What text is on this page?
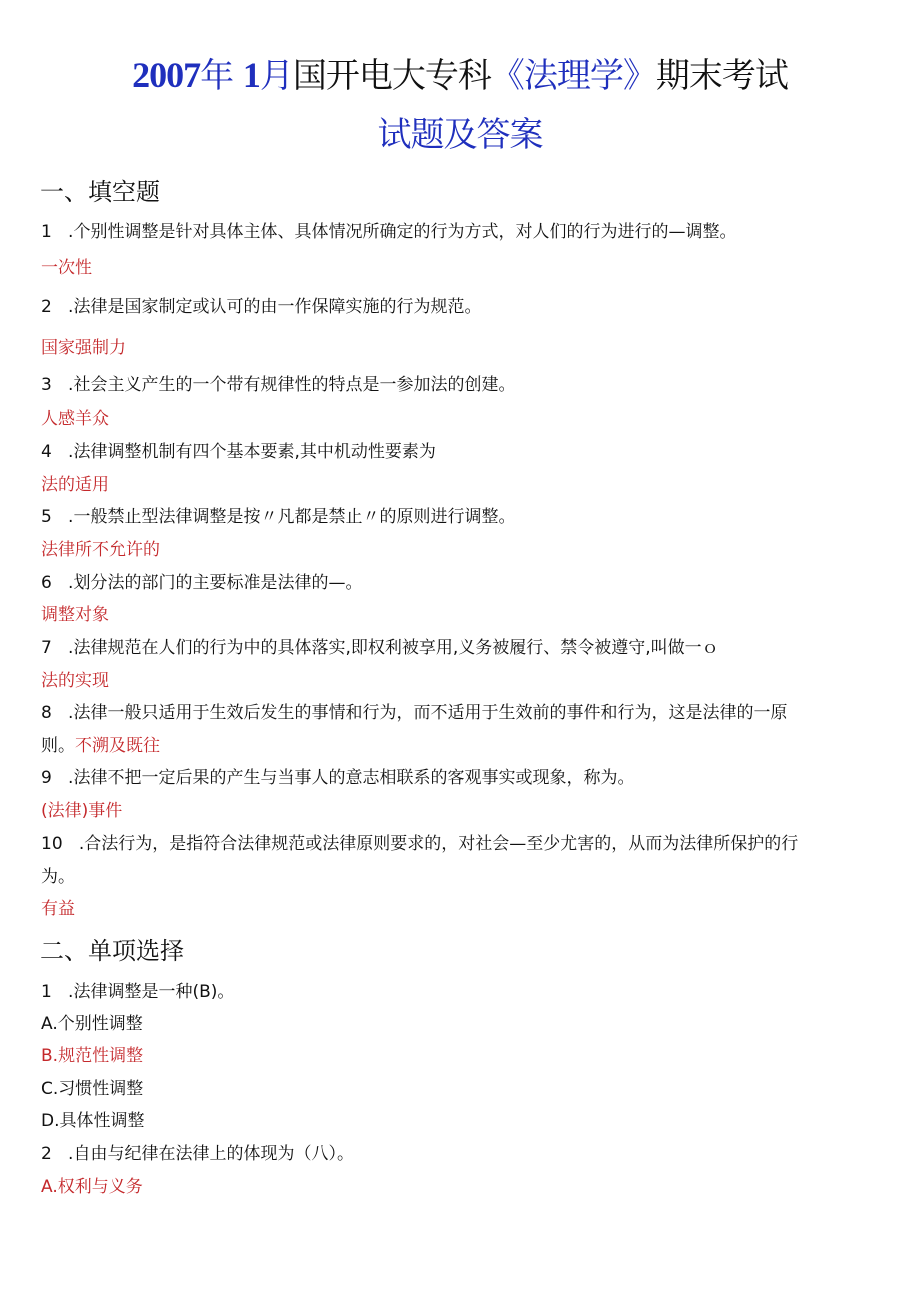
2007年 1月国开电大专科《法理学》期末考试
试题及答案
一、填空题
1 .个别性调整是针对具体主体、具体情况所确定的行为方式，对人们的行为进行的—调整。
一次性
2 .法律是国家制定或认可的由一作保障实施的行为规范。
国家强制力
3 .社会主义产生的一个带有规律性的特点是一参加法的创建。
人感羊众
4 .法律调整机制有四个基本要素,其中机动性要素为
法的适用
5 .一般禁止型法律调整是按〃凡都是禁止〃的原则进行调整。
法律所不允许的
6 .划分法的部门的主要标准是法律的—。
调整对象
7 .法律规范在人们的行为中的具体落实,即权利被享用,义务被履行、禁令被遵守,叫做一ｏ
法的实现
8 .法律一般只适用于生效后发生的事情和行为，而不适用于生效前的事件和行为，这是法律的一原
则。不溯及既往
9 .法律不把一定后果的产生与当事人的意志相联系的客观事实或现象，称为。
(法律)事件
10 .合法行为，是指符合法律规范或法律原则要求的，对社会—至少尤害的，从而为法律所保护的行
为。
有益
二、单项选择
1 .法律调整是一种(B)。
A.个别性调整
B.规范性调整
C.习惯性调整
D.具体性调整
2 .自由与纪律在法律上的体现为（八）。
A.权利与义务
